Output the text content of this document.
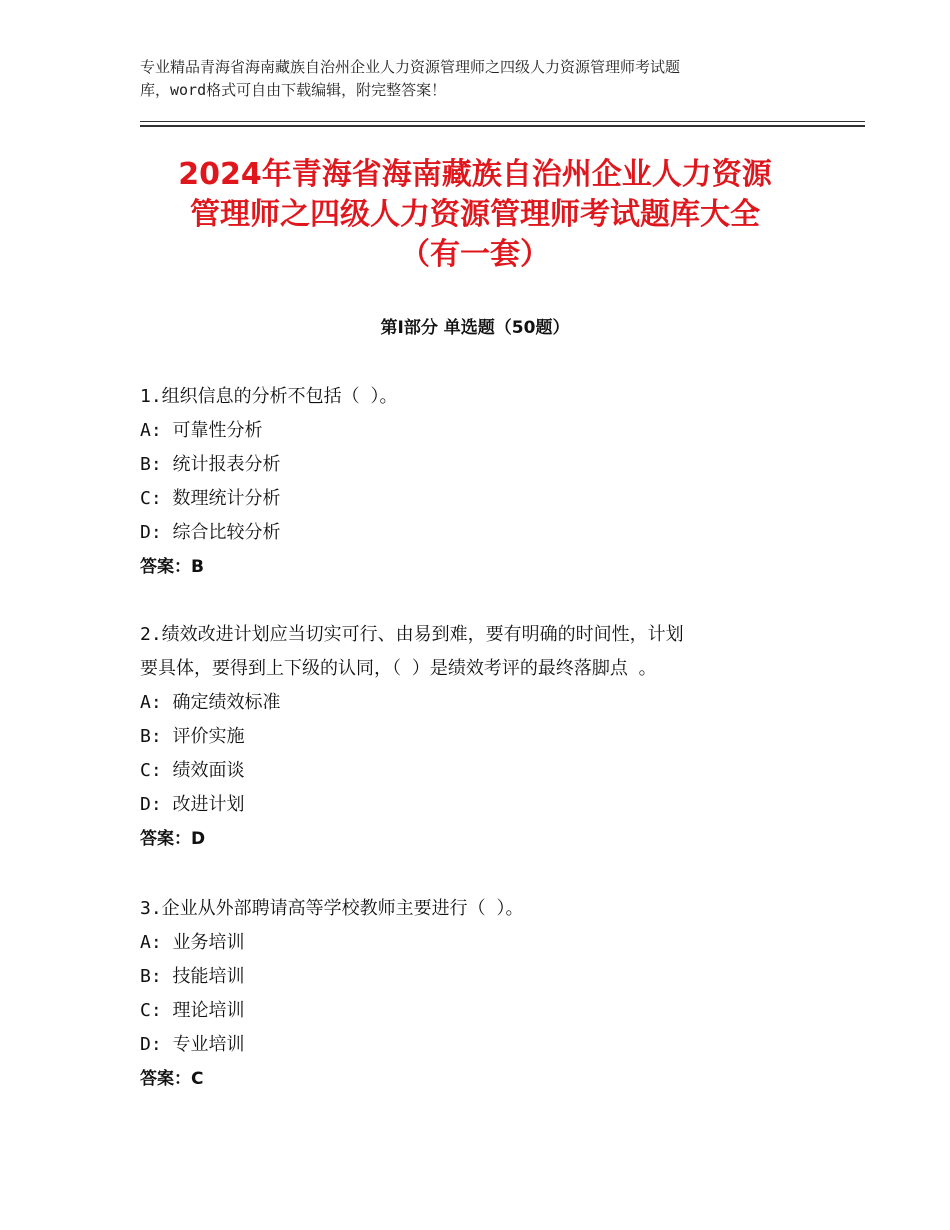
专业精品青海省海南藏族自治州企业人力资源管理师之四级人力资源管理师考试题
库，word格式可自由下载编辑，附完整答案！
2024年青海省海南藏族自治州企业人力资源
管理师之四级人力资源管理师考试题库大全
（有一套）
第Ⅰ部分 单选题（50题）
1.组织信息的分析不包括（ ）。
A: 可靠性分析
B: 统计报表分析
C: 数理统计分析
D: 综合比较分析
答案：B
2.绩效改进计划应当切实可行、由易到难，要有明确的时间性，计划
要具体，要得到上下级的认同，（ ）是绩效考评的最终落脚点 。
A: 确定绩效标准
B: 评价实施
C: 绩效面谈
D: 改进计划
答案：D
3.企业从外部聘请高等学校教师主要进行（ ）。
A: 业务培训
B: 技能培训
C: 理论培训
D: 专业培训
答案：C
